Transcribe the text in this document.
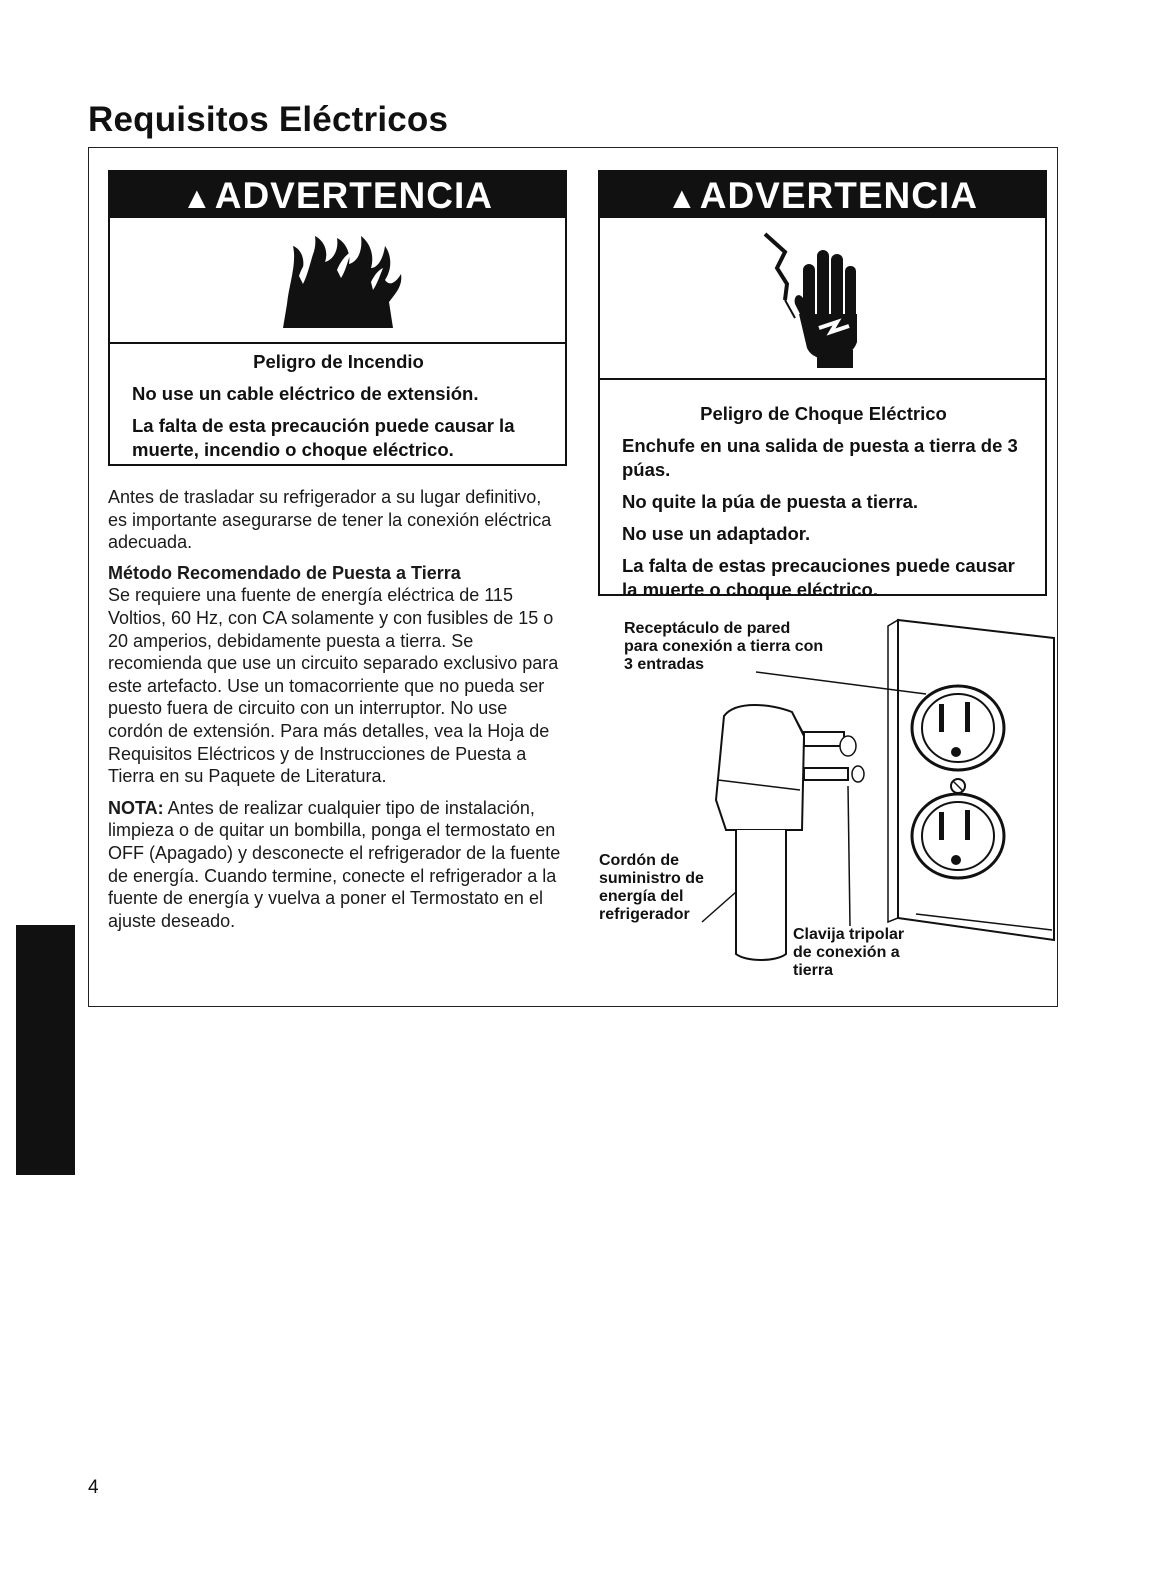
Requisitos Eléctricos
▲ADVERTENCIA

Peligro de Incendio

No use un cable eléctrico de extensión.

La falta de esta precaución puede causar la muerte, incendio o choque eléctrico.

▲ADVERTENCIA

Peligro de Choque Eléctrico

Enchufe en una salida de puesta a tierra de 3 púas.

No quite la púa de puesta a tierra.

No use un adaptador.

La falta de estas precauciones puede causar la muerte o choque eléctrico.

Antes de trasladar su refrigerador a su lugar definitivo, es importante asegurarse de tener la conexión eléctrica adecuada.

Método Recomendado de Puesta a Tierra

Se requiere una fuente de energía eléctrica de 115 Voltios, 60 Hz, con CA solamente y con fusibles de 15 o 20 amperios, debidamente puesta a tierra. Se recomienda que use un circuito separado exclusivo para este artefacto. Use un tomacorriente que no pueda ser puesto fuera de circuito con un interruptor. No use cordón de extensión. Para más detalles, vea la Hoja de Requisitos Eléctricos y de Instrucciones de Puesta a Tierra en su Paquete de Literatura.

NOTA: Antes de realizar cualquier tipo de instalación, limpieza o de quitar un bombilla, ponga el termostato en OFF (Apagado) y desconecte el refrigerador de la fuente de energía. Cuando termine, conecte el refrigerador a la fuente de energía y vuelva a poner el Termostato en el ajuste deseado.

Receptáculo de pared para conexión a tierra con 3 entradas
Cordón de suministro de energía del refrigerador
Clavija tripolar de conexión a tierra
4
